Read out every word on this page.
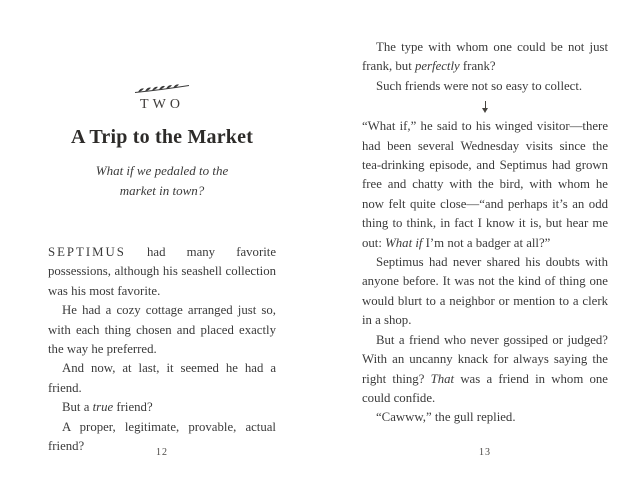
TWO
A Trip to the Market
What if we pedaled to the
market in town?

SEPTIMUS had many favorite possessions, although his seashell collection was his most favorite.

He had a cozy cottage arranged just so, with each thing chosen and placed exactly the way he preferred.

And now, at last, it seemed he had a friend.

But a true friend?

A proper, legitimate, provable, actual friend?	12

The type with whom one could be not just frank, but perfectly frank?

Such friends were not so easy to collect.

“What if,” he said to his winged visitor—there had been several Wednesday visits since the tea-drinking episode, and Septimus had grown free and chatty with the bird, with whom he now felt quite close—“and perhaps it’s an odd thing to think, in fact I know it is, but hear me out: What if I’m not a badger at all?”

Septimus had never shared his doubts with anyone before. It was not the kind of thing one would blurt to a neighbor or mention to a clerk in a shop.

But a friend who never gossiped or judged? With an uncanny knack for always saying the right thing? That was a friend in whom one could confide.

“Cawww,” the gull replied.

13
